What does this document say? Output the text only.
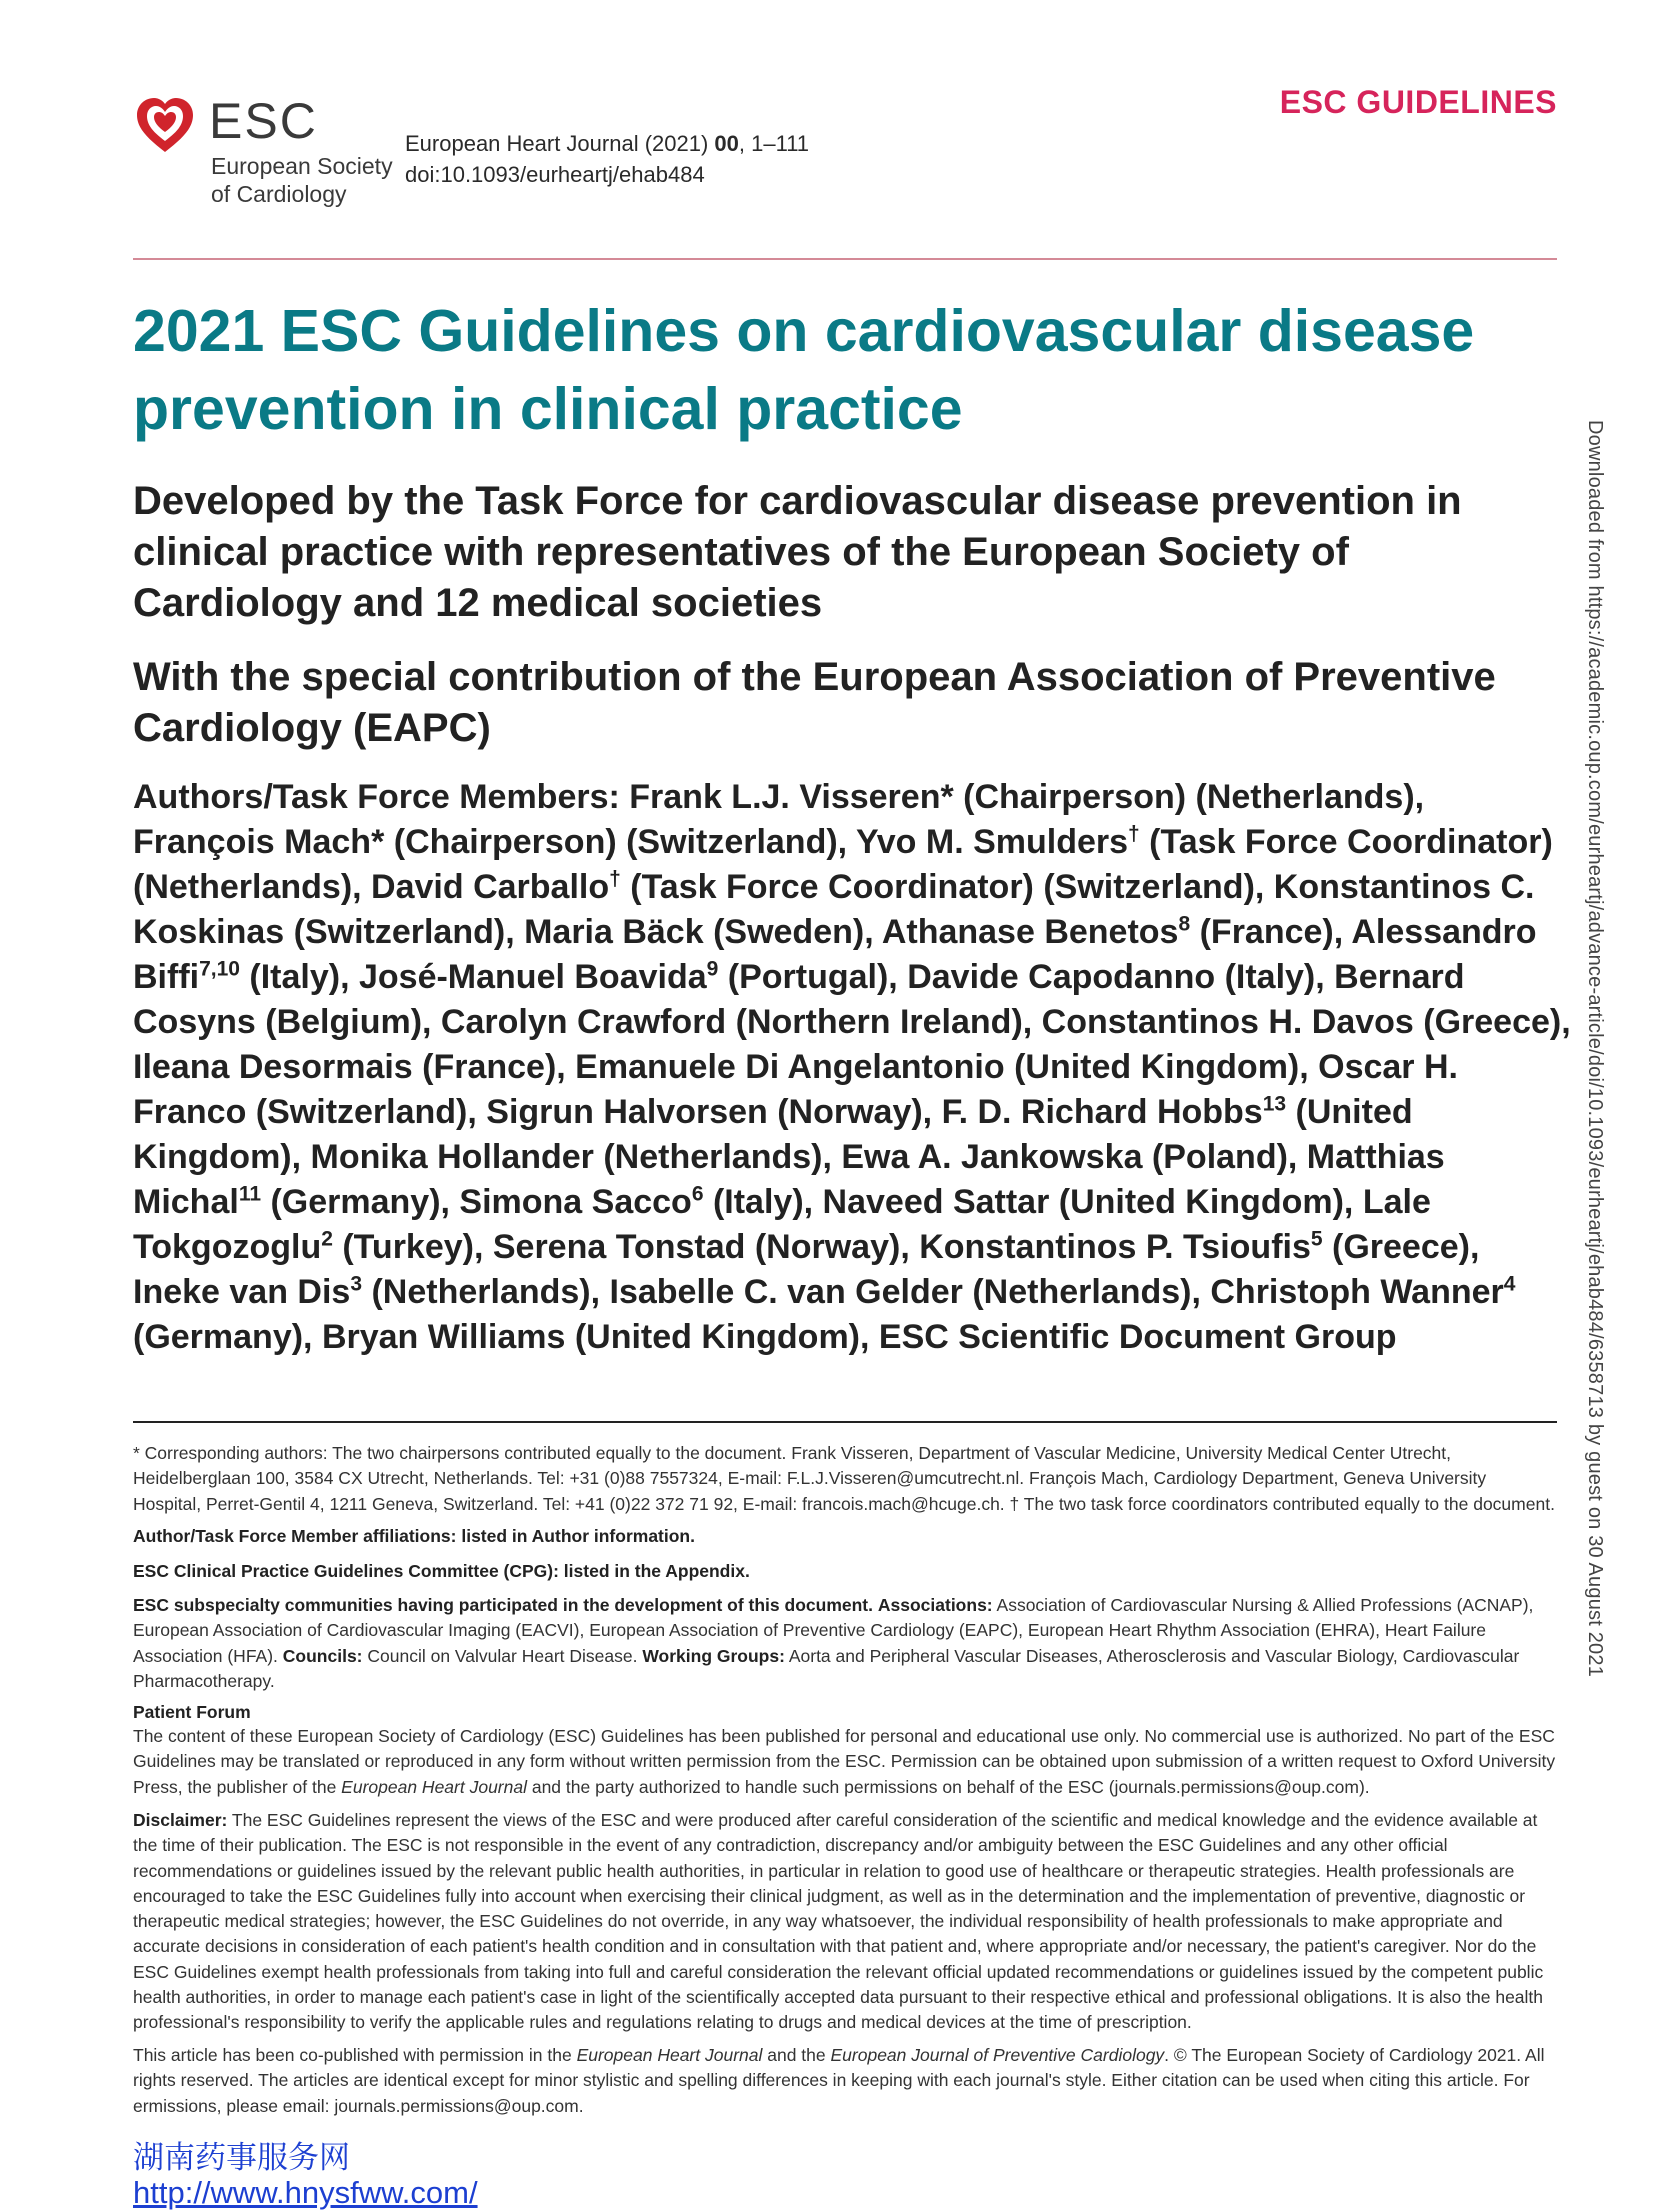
ESC
European Society
of Cardiology
European Heart Journal (2021) 00, 1–111
doi:10.1093/eurheartj/ehab484
ESC GUIDELINES
2021 ESC Guidelines on cardiovascular disease prevention in clinical practice
Developed by the Task Force for cardiovascular disease prevention in clinical practice with representatives of the European Society of Cardiology and 12 medical societies
With the special contribution of the European Association of Preventive Cardiology (EAPC)
Authors/Task Force Members: Frank L.J. Visseren* (Chairperson) (Netherlands), François Mach* (Chairperson) (Switzerland), Yvo M. Smulders† (Task Force Coordinator) (Netherlands), David Carballo† (Task Force Coordinator) (Switzerland), Konstantinos C. Koskinas (Switzerland), Maria Bäck (Sweden), Athanase Benetos$^8$ (France), Alessandro Biffi$^{7,10}$ (Italy), José-Manuel Boavida$^9$ (Portugal), Davide Capodanno (Italy), Bernard Cosyns (Belgium), Carolyn Crawford (Northern Ireland), Constantinos H. Davos (Greece), Ileana Desormais (France), Emanuele Di Angelantonio (United Kingdom), Oscar H. Franco (Switzerland), Sigrun Halvorsen (Norway), F. D. Richard Hobbs$^{13}$ (United Kingdom), Monika Hollander (Netherlands), Ewa A. Jankowska (Poland), Matthias Michal$^{11}$ (Germany), Simona Sacco$^6$ (Italy), Naveed Sattar (United Kingdom), Lale Tokgozoglu$^2$ (Turkey), Serena Tonstad (Norway), Konstantinos P. Tsioufis$^5$ (Greece), Ineke van Dis$^3$ (Netherlands), Isabelle C. van Gelder (Netherlands), Christoph Wanner$^4$ (Germany), Bryan Williams (United Kingdom), ESC Scientific Document Group
* Corresponding authors: The two chairpersons contributed equally to the document. Frank Visseren, Department of Vascular Medicine, University Medical Center Utrecht, Heidelberglaan 100, 3584 CX Utrecht, Netherlands. Tel: +31 (0)88 7557324, E-mail: F.L.J.Visseren@umcutrecht.nl. François Mach, Cardiology Department, Geneva University Hospital, Perret-Gentil 4, 1211 Geneva, Switzerland. Tel: +41 (0)22 372 71 92, E-mail: francois.mach@hcuge.ch. † The two task force coordinators contributed equally to the document.
Author/Task Force Member affiliations: listed in Author information.
ESC Clinical Practice Guidelines Committee (CPG): listed in the Appendix.
ESC subspecialty communities having participated in the development of this document. Associations: Association of Cardiovascular Nursing & Allied Professions (ACNAP), European Association of Cardiovascular Imaging (EACVI), European Association of Preventive Cardiology (EAPC), European Heart Rhythm Association (EHRA), Heart Failure Association (HFA). Councils: Council on Valvular Heart Disease. Working Groups: Aorta and Peripheral Vascular Diseases, Atherosclerosis and Vascular Biology, Cardiovascular Pharmacotherapy.
Patient Forum
The content of these European Society of Cardiology (ESC) Guidelines has been published for personal and educational use only. No commercial use is authorized. No part of the ESC Guidelines may be translated or reproduced in any form without written permission from the ESC. Permission can be obtained upon submission of a written request to Oxford University Press, the publisher of the European Heart Journal and the party authorized to handle such permissions on behalf of the ESC (journals.permissions@oup.com).
Disclaimer: The ESC Guidelines represent the views of the ESC and were produced after careful consideration of the scientific and medical knowledge and the evidence available at the time of their publication. The ESC is not responsible in the event of any contradiction, discrepancy and/or ambiguity between the ESC Guidelines and any other official recommendations or guidelines issued by the relevant public health authorities, in particular in relation to good use of healthcare or therapeutic strategies. Health professionals are encouraged to take the ESC Guidelines fully into account when exercising their clinical judgment, as well as in the determination and the implementation of preventive, diagnostic or therapeutic medical strategies; however, the ESC Guidelines do not override, in any way whatsoever, the individual responsibility of health professionals to make appropriate and accurate decisions in consideration of each patient's health condition and in consultation with that patient and, where appropriate and/or necessary, the patient's caregiver. Nor do the ESC Guidelines exempt health professionals from taking into full and careful consideration the relevant official updated recommendations or guidelines issued by the competent public health authorities, in order to manage each patient's case in light of the scientifically accepted data pursuant to their respective ethical and professional obligations. It is also the health professional's responsibility to verify the applicable rules and regulations relating to drugs and medical devices at the time of prescription.
This article has been co-published with permission in the European Heart Journal and the European Journal of Preventive Cardiology. © The European Society of Cardiology 2021. All rights reserved. The articles are identical except for minor stylistic and spelling differences in keeping with each journal's style. Either citation can be used when citing this article. For ermissions, please email: journals.permissions@oup.com.
湖南药事服务网
http://www.hnysfww.com/
Downloaded from https://academic.oup.com/eurheartj/advance-article/doi/10.1093/eurheartj/ehab484/6358713 by guest on 30 August 2021
